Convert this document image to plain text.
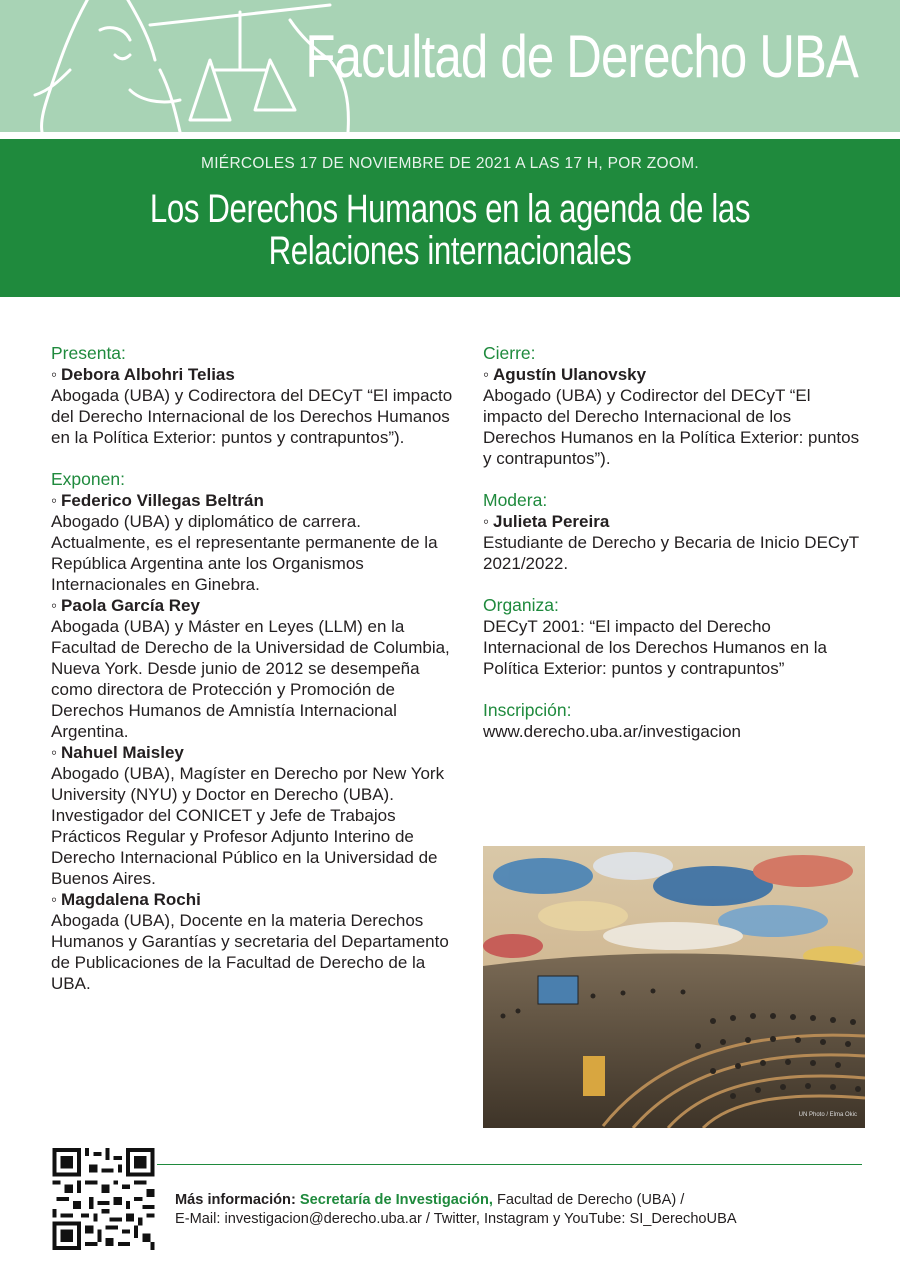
Facultad de Derecho UBA
MIÉRCOLES 17 DE NOVIEMBRE DE 2021 A LAS 17 H, POR ZOOM.
Los Derechos Humanos en la agenda de las
Relaciones internacionales
Presenta:
◦ Debora Albohri Telias
Abogada (UBA) y Codirectora del DECyT “El impacto del Derecho Internacional de los Derechos Humanos en la Política Exterior: puntos y contrapuntos”).
Exponen:
◦ Federico Villegas Beltrán
Abogado (UBA) y diplomático de carrera. Actualmente, es el representante permanente de la República Argentina ante los Organismos Internacionales en Ginebra.
◦ Paola García Rey
Abogada (UBA) y Máster en Leyes (LLM) en la Facultad de Derecho de la Universidad de Columbia, Nueva York. Desde junio de 2012 se desempeña como directora de Protección y Promoción de Derechos Humanos de Amnistía Internacional Argentina.
◦ Nahuel Maisley
Abogado (UBA), Magíster en Derecho por New York University (NYU) y Doctor en Derecho (UBA). Investigador del CONICET y Jefe de Trabajos Prácticos Regular y Profesor Adjunto Interino de Derecho Internacional Público en la Universidad de Buenos Aires.
◦ Magdalena Rochi
Abogada (UBA), Docente en la materia Derechos Humanos y Garantías y secretaria del Departamento de Publicaciones de la Facultad de Derecho de la UBA.
Cierre:
◦ Agustín Ulanovsky
Abogado (UBA) y Codirector del DECyT “El impacto del Derecho Internacional de los Derechos Humanos en la Política Exterior: puntos y contrapuntos”).
Modera:
◦ Julieta Pereira
Estudiante de Derecho y Becaria de Inicio DECyT 2021/2022.
Organiza:
DECyT 2001: “El impacto del Derecho Internacional de los Derechos Humanos en la Política Exterior: puntos y contrapuntos”
Inscripción:
www.derecho.uba.ar/investigacion
UN Photo / Elma Okic
Más información: Secretaría de Investigación, Facultad de Derecho (UBA) /
E-Mail: investigacion@derecho.uba.ar / Twitter, Instagram y YouTube: SI_DerechoUBA
